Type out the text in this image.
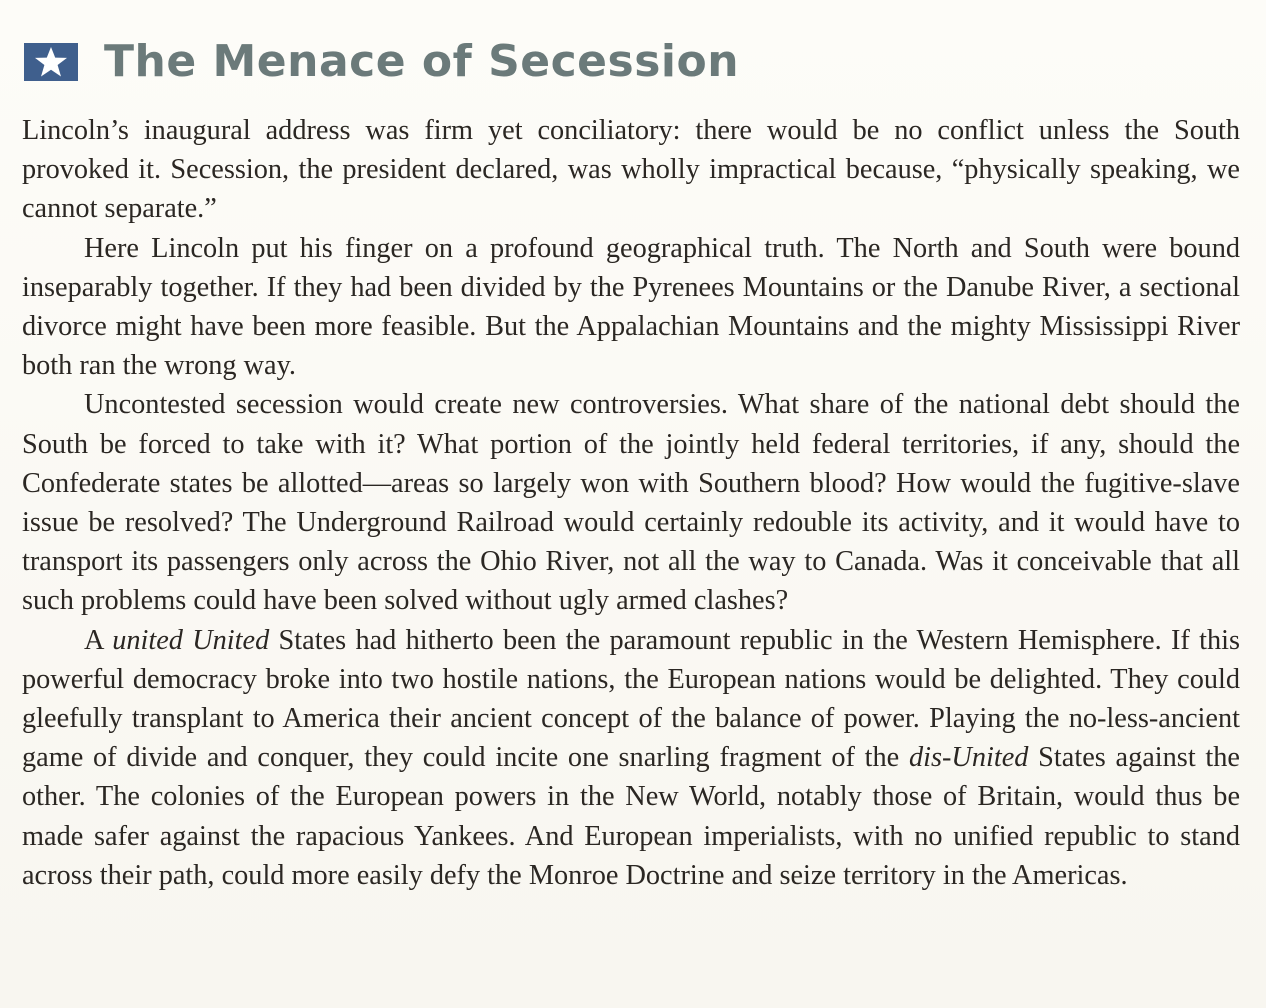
The Menace of Secession

Lincoln’s inaugural address was firm yet conciliatory: there would be no conflict unless the South provoked it. Secession, the president declared, was wholly impractical because, “physically speaking, we cannot separate.”

Here Lincoln put his finger on a profound geographical truth. The North and South were bound inseparably together. If they had been divided by the Pyrenees Mountains or the Danube River, a sectional divorce might have been more feasible. But the Appalachian Mountains and the mighty Mississippi River both ran the wrong way.

Uncontested secession would create new controversies. What share of the national debt should the South be forced to take with it? What portion of the jointly held federal territories, if any, should the Confederate states be allotted—areas so largely won with Southern blood? How would the fugitive-slave issue be resolved? The Underground Railroad would certainly redouble its activity, and it would have to transport its passengers only across the Ohio River, not all the way to Canada. Was it conceivable that all such problems could have been solved without ugly armed clashes?

A united United States had hitherto been the paramount republic in the Western Hemisphere. If this powerful democracy broke into two hostile nations, the European nations would be delighted. They could gleefully transplant to America their ancient concept of the balance of power. Playing the no-less-ancient game of divide and conquer, they could incite one snarling fragment of the dis-United States against the other. The colonies of the European powers in the New World, notably those of Britain, would thus be made safer against the rapacious Yankees. And European imperialists, with no unified republic to stand across their path, could more easily defy the Monroe Doctrine and seize territory in the Americas.
